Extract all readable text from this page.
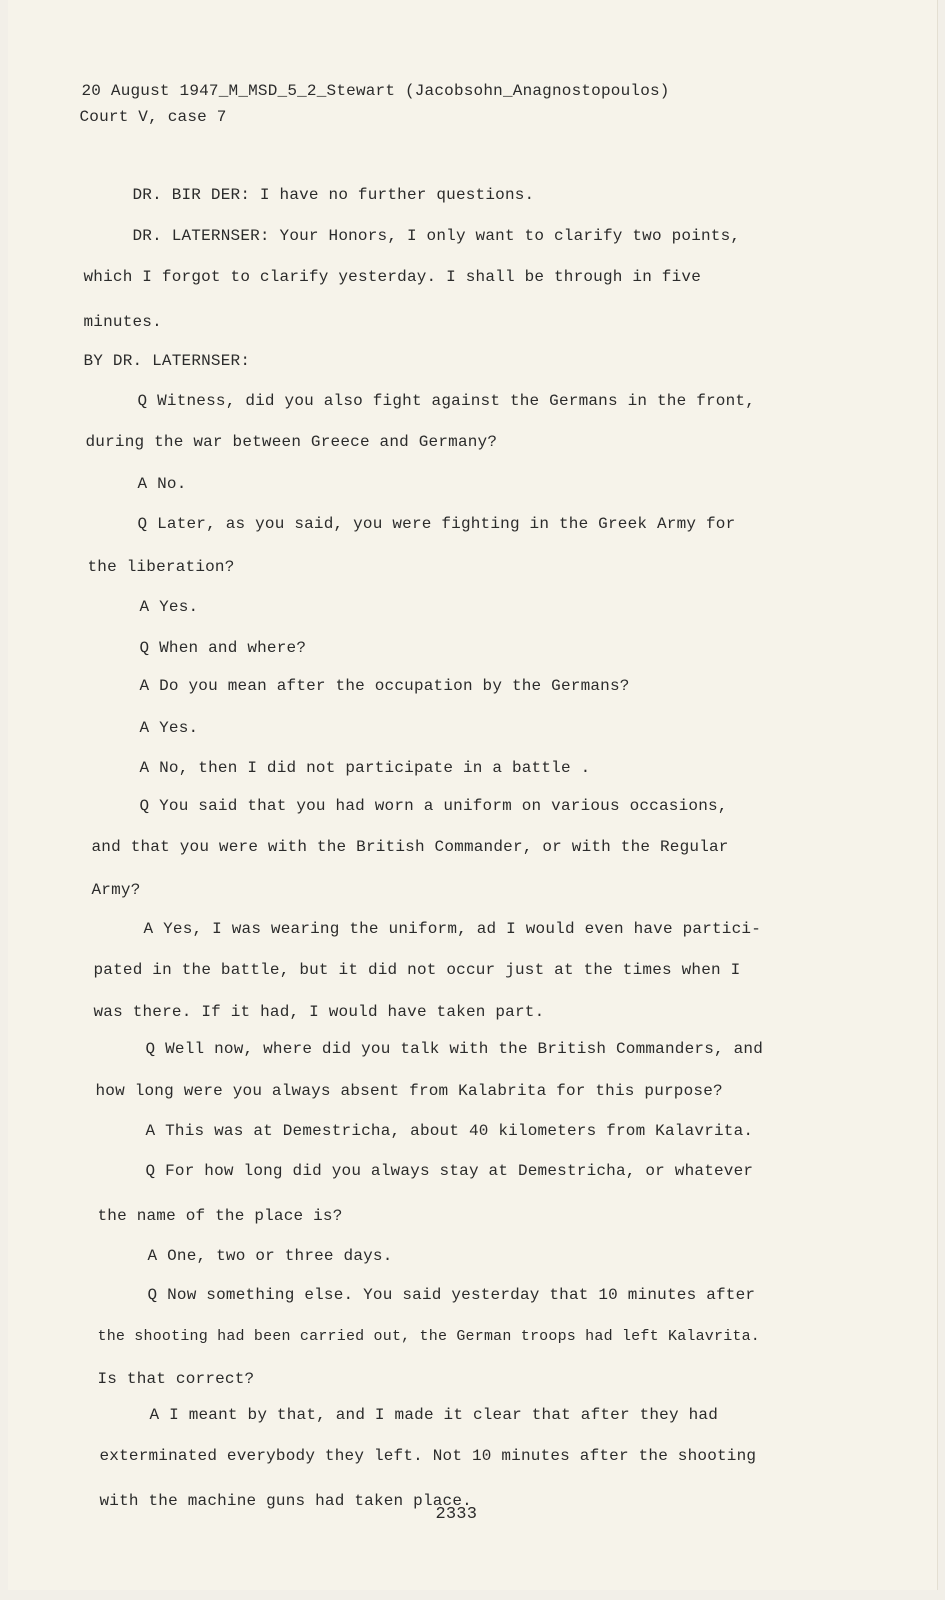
20 August 1947_M_MSD_5_2_Stewart (Jacobsohn_Anagnostopoulos)
Court V, case 7
DR. BIR DER: I have no further questions.
DR. LATERNSER: Your Honors, I only want to clarify two points,
which I forgot to clarify yesterday. I shall be through in five
minutes.
BY DR. LATERNSER:
Q Witness, did you also fight against the Germans in the front,
during the war between Greece and Germany?
A No.
Q Later, as you said, you were fighting in the Greek Army for
the liberation?
A Yes.
Q When and where?
A Do you mean after the occupation by the Germans?
A Yes.
A No, then I did not participate in a battle .
Q You said that you had worn a uniform on various occasions,
and that you were with the British Commander, or with the Regular
Army?
A Yes, I was wearing the uniform, ad I would even have partici-
pated in the battle, but it did not occur just at the times when I
was there. If it had, I would have taken part.
Q Well now, where did you talk with the British Commanders, and
how long were you always absent from Kalabrita for this purpose?
A This was at Demestricha, about 40 kilometers from Kalavrita.
Q For how long did you always stay at Demestricha, or whatever
the name of the place is?
A One, two or three days.
Q Now something else. You said yesterday that 10 minutes after
the shooting had been carried out, the German troops had left Kalavrita.
Is that correct?
A I meant by that, and I made it clear that after they had
exterminated everybody they left. Not 10 minutes after the shooting
with the machine guns had taken place.
2333
